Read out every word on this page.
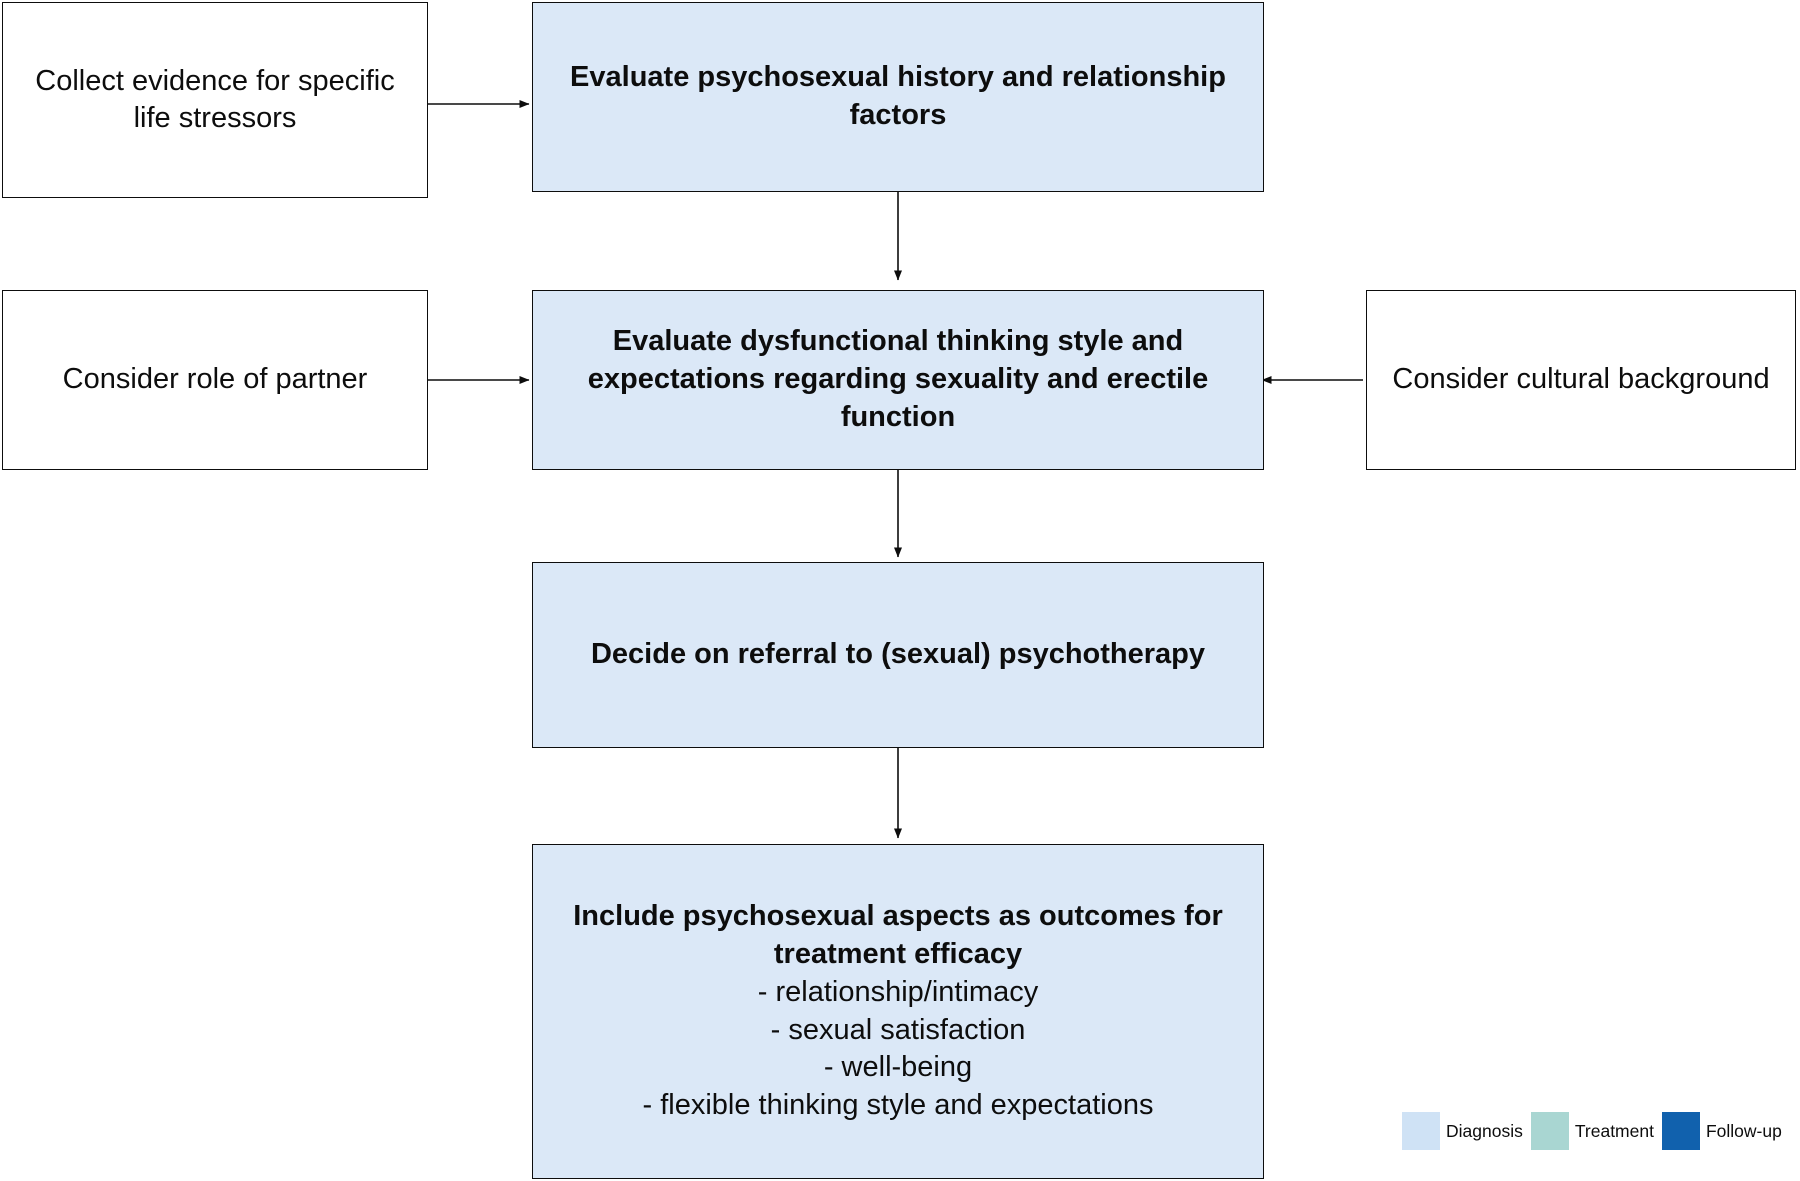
Collect evidence for specific life stressors
Evaluate psychosexual history and relationship factors
Consider role of partner
Evaluate dysfunctional thinking style and expectations regarding sexuality and erectile function
Consider cultural background
Decide on referral to (sexual) psychotherapy
Include psychosexual aspects as outcomes for treatment efficacy
- relationship/intimacy
- sexual satisfaction
- well-being
- flexible thinking style and expectations
Diagnosis	Treatment	Follow-up
